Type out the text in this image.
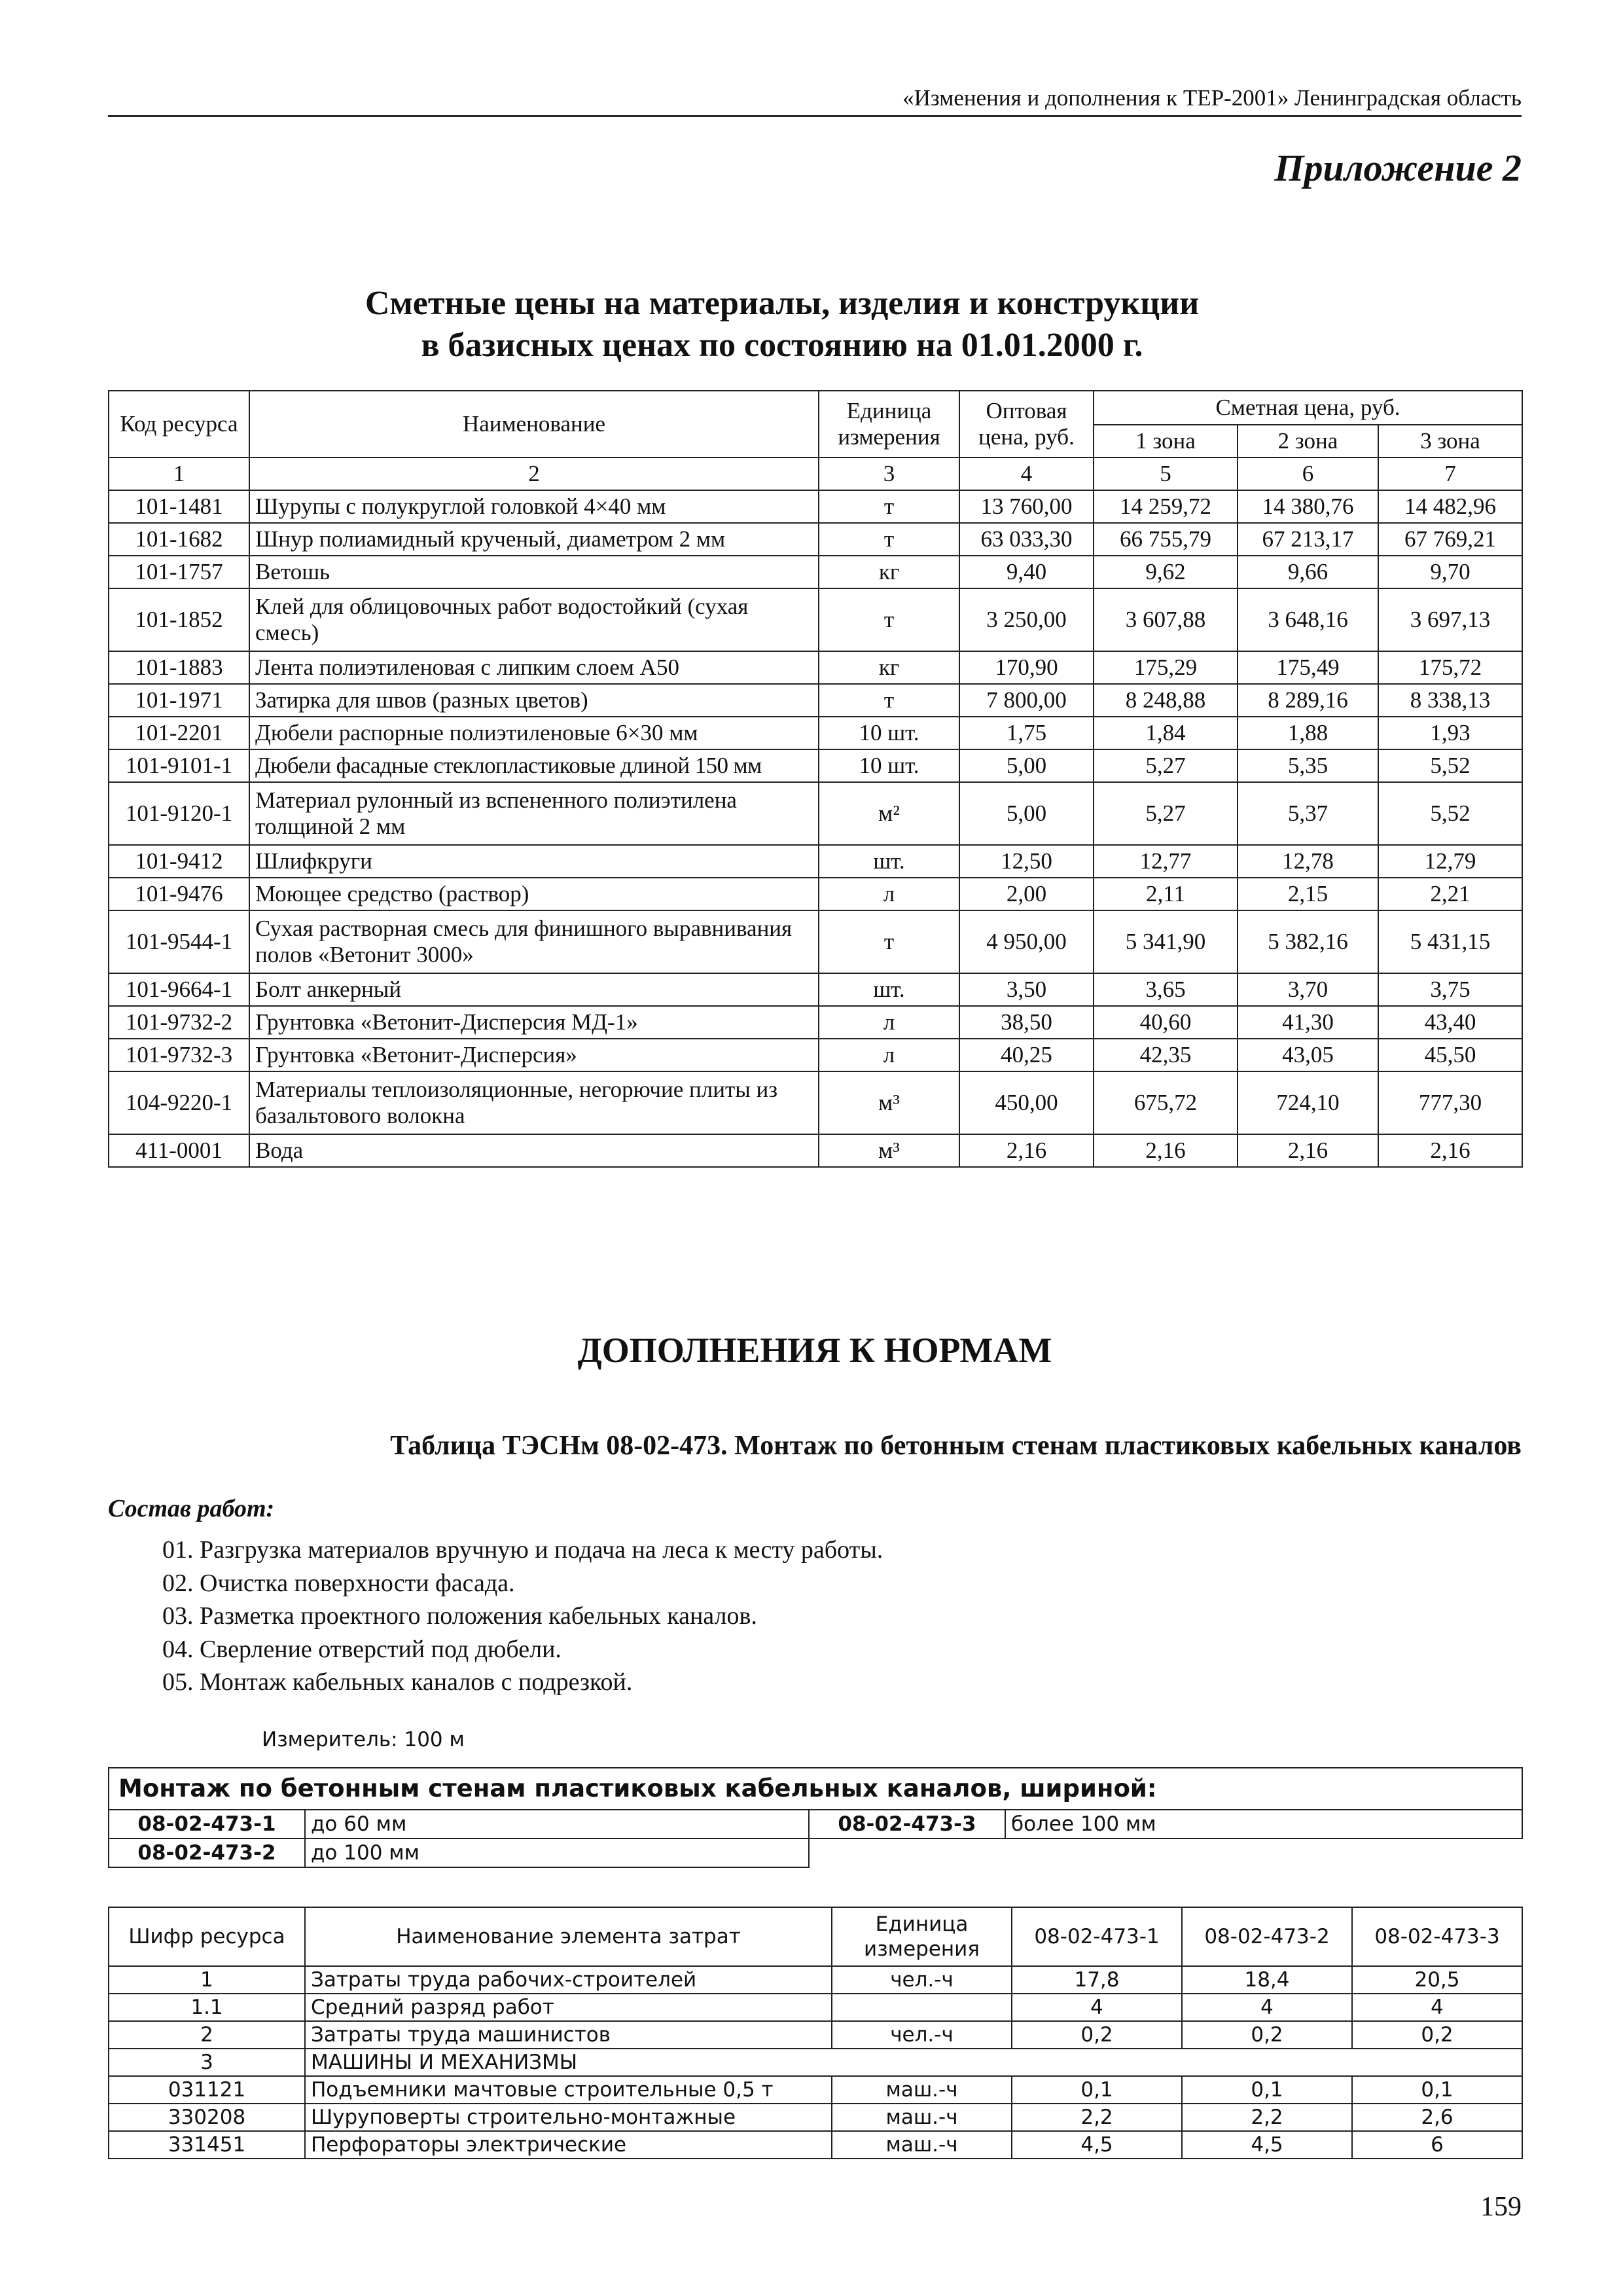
«Изменения и дополнения к ТЕР-2001» Ленинградская область
Приложение 2
Сметные цены на материалы, изделия и конструкции
в базисных ценах по состоянию на 01.01.2000 г.
Код ресурса	Наименование	Единица измерения	Оптовая цена, руб.	Сметная цена, руб.		
				1 зона	2 зона	3 зона
1	2	3	4	5	6	7
101-1481	Шурупы с полукруглой головкой 4×40 мм	т	13 760,00	14 259,72	14 380,76	14 482,96
101-1682	Шнур полиамидный крученый, диаметром 2 мм	т	63 033,30	66 755,79	67 213,17	67 769,21
101-1757	Ветошь	кг	9,40	9,62	9,66	9,70
101-1852	Клей для облицовочных работ водостойкий (сухая смесь)	т	3 250,00	3 607,88	3 648,16	3 697,13
101-1883	Лента полиэтиленовая с липким слоем А50	кг	170,90	175,29	175,49	175,72
101-1971	Затирка для швов (разных цветов)	т	7 800,00	8 248,88	8 289,16	8 338,13
101-2201	Дюбели распорные полиэтиленовые 6×30 мм	10 шт.	1,75	1,84	1,88	1,93
101-9101-1	Дюбели фасадные стеклопластиковые длиной 150 мм	10 шт.	5,00	5,27	5,35	5,52
101-9120-1	Материал рулонный из вспененного полиэтилена толщиной 2 мм	м²	5,00	5,27	5,37	5,52
101-9412	Шлифкруги	шт.	12,50	12,77	12,78	12,79
101-9476	Моющее средство (раствор)	л	2,00	2,11	2,15	2,21
101-9544-1	Сухая растворная смесь для финишного выравнивания полов «Ветонит 3000»	т	4 950,00	5 341,90	5 382,16	5 431,15
101-9664-1	Болт анкерный	шт.	3,50	3,65	3,70	3,75
101-9732-2	Грунтовка «Ветонит-Дисперсия МД-1»	л	38,50	40,60	41,30	43,40
101-9732-3	Грунтовка «Ветонит-Дисперсия»	л	40,25	42,35	43,05	45,50
104-9220-1	Материалы теплоизоляционные, негорючие плиты из базальтового волокна	м³	450,00	675,72	724,10	777,30
411-0001	Вода	м³	2,16	2,16	2,16	2,16
ДОПОЛНЕНИЯ К НОРМАМ
Таблица ТЭСНм 08-02-473. Монтаж по бетонным стенам пластиковых кабельных каналов
Состав работ:
01. Разгрузка материалов вручную и подача на леса к месту работы.
02. Очистка поверхности фасада.
03. Разметка проектного положения кабельных каналов.
04. Сверление отверстий под дюбели.
05. Монтаж кабельных каналов с подрезкой.
Измеритель: 100 м
Монтаж по бетонным стенам пластиковых кабельных каналов, шириной:			
08-02-473-1	до 60 мм	08-02-473-3	более 100 мм
08-02-473-2	до 100 мм		
Шифр ресурса	Наименование элемента затрат	Единица измерения	08-02-473-1	08-02-473-2	08-02-473-3
1	Затраты труда рабочих-строителей	чел.-ч	17,8	18,4	20,5
1.1	Средний разряд работ		4	4	4
2	Затраты труда машинистов	чел.-ч	0,2	0,2	0,2
3	МАШИНЫ И МЕХАНИЗМЫ				
031121	Подъемники мачтовые строительные 0,5 т	маш.-ч	0,1	0,1	0,1
330208	Шуруповерты строительно-монтажные	маш.-ч	2,2	2,2	2,6
331451	Перфораторы электрические	маш.-ч	4,5	4,5	6
159
